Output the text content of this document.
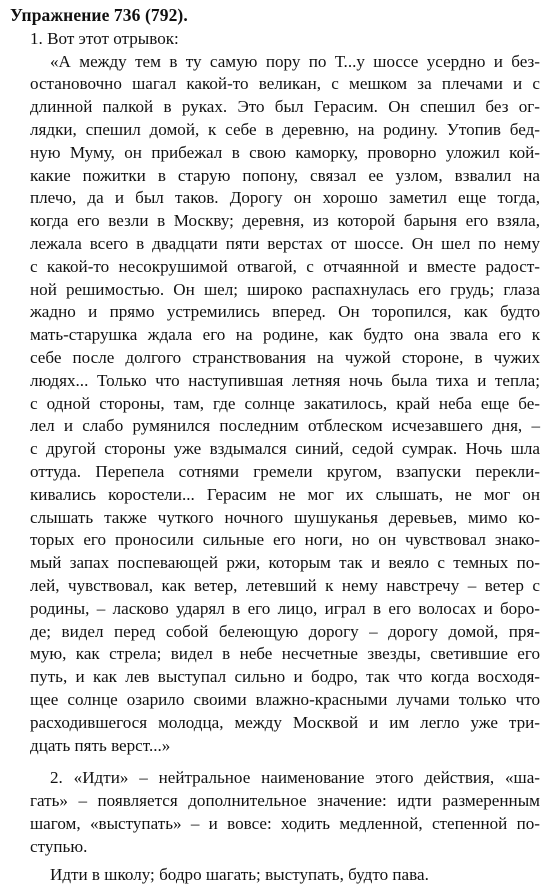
Упражнение 736 (792).
1. Вот этот отрывок:
«А между тем в ту самую пору по Т...у шоссе усердно и без-
остановочно шагал какой-то великан, с мешком за плечами и с
длинной палкой в руках. Это был Герасим. Он спешил без ог-
лядки, спешил домой, к себе в деревню, на родину. Утопив бед-
ную Муму, он прибежал в свою каморку, проворно уложил кой-
какие пожитки в старую попону, связал ее узлом, взвалил на
плечо, да и был таков. Дорогу он хорошо заметил еще тогда,
когда его везли в Москву; деревня, из которой барыня его взяла,
лежала всего в двадцати пяти верстах от шоссе. Он шел по нему
с какой-то несокрушимой отвагой, с отчаянной и вместе радост-
ной решимостью. Он шел; широко распахнулась его грудь; глаза
жадно и прямо устремились вперед. Он торопился, как будто
мать-старушка ждала его на родине, как будто она звала его к
себе после долгого странствования на чужой стороне, в чужих
людях... Только что наступившая летняя ночь была тиха и тепла;
с одной стороны, там, где солнце закатилось, край неба еще бе-
лел и слабо румянился последним отблеском исчезавшего дня, –
с другой стороны уже вздымался синий, седой сумрак. Ночь шла
оттуда. Перепела сотнями гремели кругом, взапуски перекли-
кивались коростели... Герасим не мог их слышать, не мог он
слышать также чуткого ночного шушуканья деревьев, мимо ко-
торых его проносили сильные его ноги, но он чувствовал знако-
мый запах поспевающей ржи, которым так и веяло с темных по-
лей, чувствовал, как ветер, летевший к нему навстречу – ветер с
родины, – ласково ударял в его лицо, играл в его волосах и боро-
де; видел перед собой белеющую дорогу – дорогу домой, пря-
мую, как стрела; видел в небе несчетные звезды, светившие его
путь, и как лев выступал сильно и бодро, так что когда восходя-
щее солнце озарило своими влажно-красными лучами только что
расходившегося молодца, между Москвой и им легло уже три-
дцать пять верст...»
2. «Идти» – нейтральное наименование этого действия, «ша-
гать» – появляется дополнительное значение: идти размеренным
шагом, «выступать» – и вовсе: ходить медленной, степенной по-
ступью.
Идти в школу; бодро шагать; выступать, будто пава.
